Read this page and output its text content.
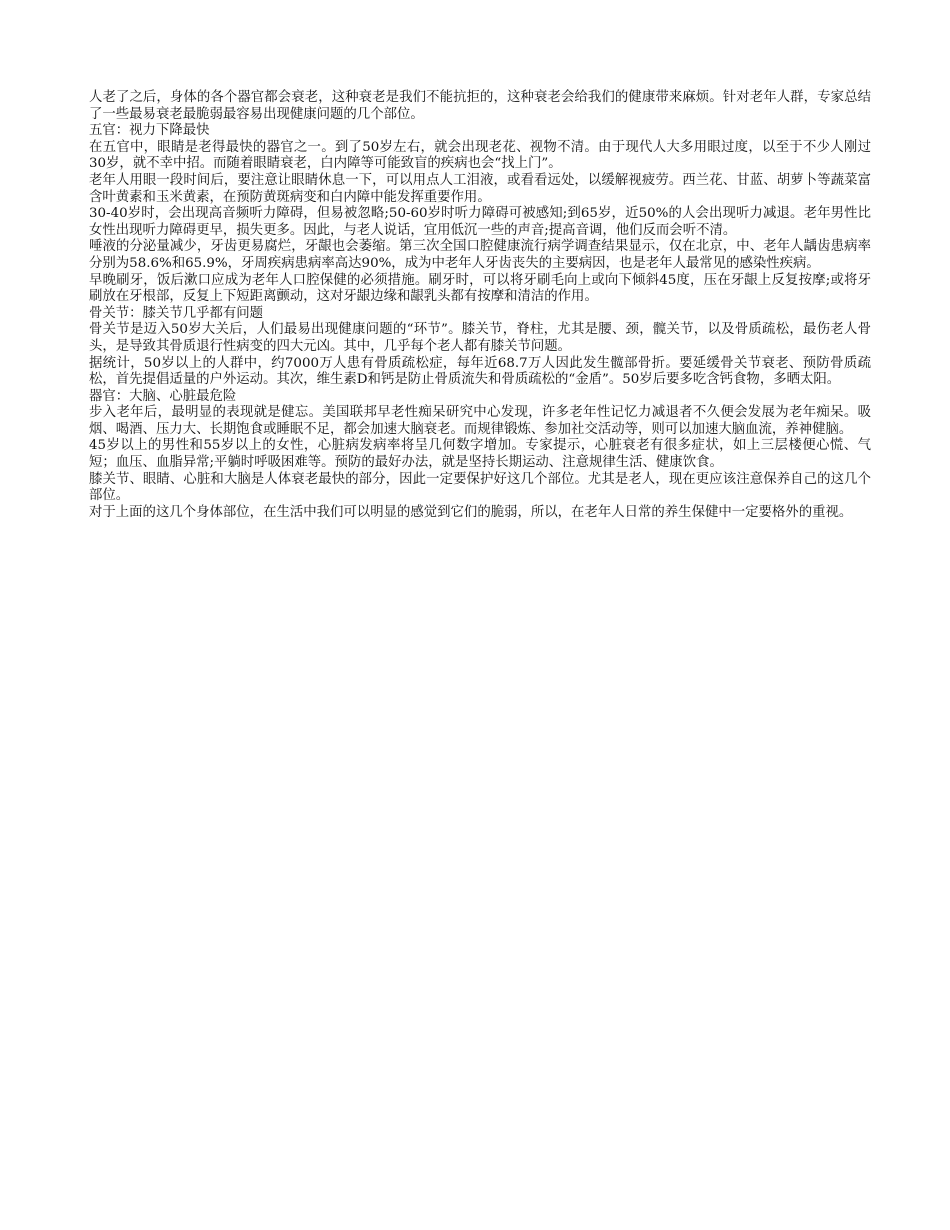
人老了之后，身体的各个器官都会衰老，这种衰老是我们不能抗拒的，这种衰老会给我们的健康带来麻烦。针对老年人群，专家总结了一些最易衰老最脆弱最容易出现健康问题的几个部位。

五官：视力下降最快

在五官中，眼睛是老得最快的器官之一。到了50岁左右，就会出现老花、视物不清。由于现代人大多用眼过度，以至于不少人刚过30岁，就不幸中招。而随着眼睛衰老，白内障等可能致盲的疾病也会“找上门”。

老年人用眼一段时间后，要注意让眼睛休息一下，可以用点人工泪液，或看看远处，以缓解视疲劳。西兰花、甘蓝、胡萝卜等蔬菜富含叶黄素和玉米黄素，在预防黄斑病变和白内障中能发挥重要作用。

30-40岁时，会出现高音频听力障碍，但易被忽略;50-60岁时听力障碍可被感知;到65岁，近50%的人会出现听力减退。老年男性比女性出现听力障碍更早，损失更多。因此，与老人说话，宜用低沉一些的声音;提高音调，他们反而会听不清。

唾液的分泌量减少，牙齿更易腐烂，牙龈也会萎缩。第三次全国口腔健康流行病学调查结果显示，仅在北京，中、老年人龋齿患病率分别为58.6%和65.9%，牙周疾病患病率高达90%，成为中老年人牙齿丧失的主要病因，也是老年人最常见的感染性疾病。

早晚刷牙，饭后漱口应成为老年人口腔保健的必须措施。刷牙时，可以将牙刷毛向上或向下倾斜45度，压在牙龈上反复按摩;或将牙刷放在牙根部，反复上下短距离颤动，这对牙龈边缘和龈乳头都有按摩和清洁的作用。

骨关节：膝关节几乎都有问题

骨关节是迈入50岁大关后，人们最易出现健康问题的“环节”。膝关节，脊柱，尤其是腰、颈，髋关节，以及骨质疏松，最伤老人骨头，是导致其骨质退行性病变的四大元凶。其中，几乎每个老人都有膝关节问题。

据统计，50岁以上的人群中，约7000万人患有骨质疏松症，每年近68.7万人因此发生髋部骨折。要延缓骨关节衰老、预防骨质疏松，首先提倡适量的户外运动。其次，维生素D和钙是防止骨质流失和骨质疏松的“金盾”。50岁后要多吃含钙食物，多晒太阳。

器官：大脑、心脏最危险

步入老年后，最明显的表现就是健忘。美国联邦早老性痴呆研究中心发现，许多老年性记忆力减退者不久便会发展为老年痴呆。吸烟、喝酒、压力大、长期饱食或睡眠不足，都会加速大脑衰老。而规律锻炼、参加社交活动等，则可以加速大脑血流，养神健脑。

45岁以上的男性和55岁以上的女性，心脏病发病率将呈几何数字增加。专家提示，心脏衰老有很多症状，如上三层楼便心慌、气短；血压、血脂异常;平躺时呼吸困难等。预防的最好办法，就是坚持长期运动、注意规律生活、健康饮食。

膝关节、眼睛、心脏和大脑是人体衰老最快的部分，因此一定要保护好这几个部位。尤其是老人，现在更应该注意保养自己的这几个部位。

对于上面的这几个身体部位，在生活中我们可以明显的感觉到它们的脆弱，所以，在老年人日常的养生保健中一定要格外的重视。
